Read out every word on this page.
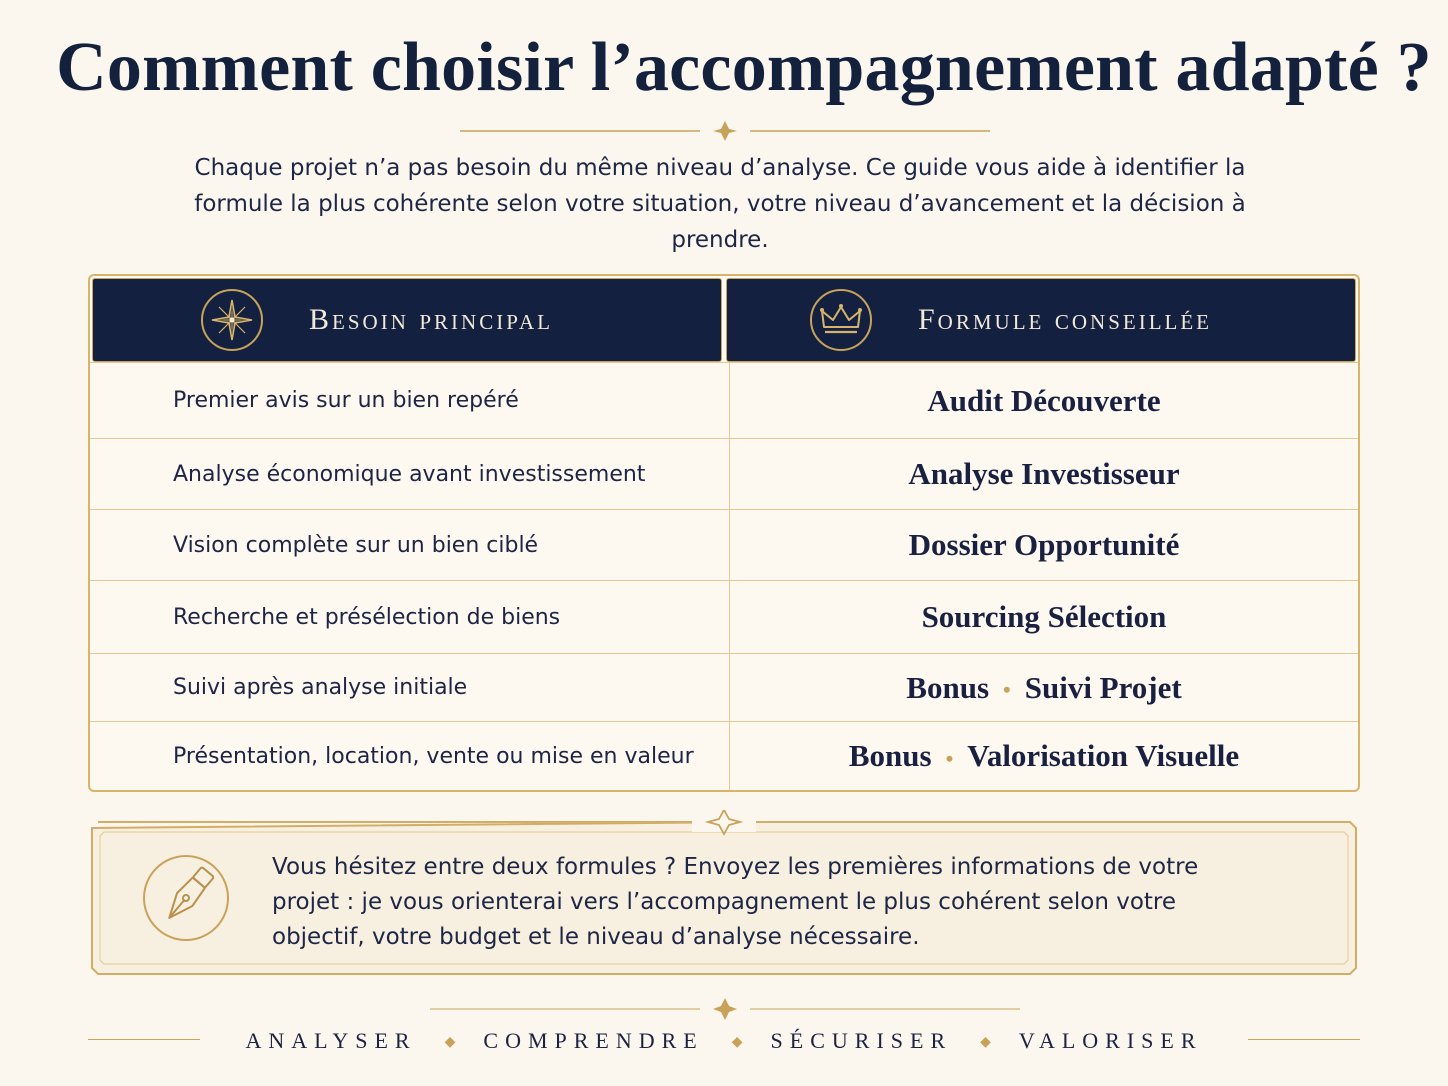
Comment choisir l’accompagnement adapté ?

Chaque projet n’a pas besoin du même niveau d’analyse. Ce guide vous aide à identifier la formule la plus cohérente selon votre situation, votre niveau d’avancement et la décision à prendre.

Besoin principal	Formule conseillée
Premier avis sur un bien repéré	Audit Découverte
Analyse économique avant investissement	Analyse Investisseur
Vision complète sur un bien ciblé	Dossier Opportunité
Recherche et présélection de biens	Sourcing Sélection
Suivi après analyse initiale	Bonus • Suivi Projet
Présentation, location, vente ou mise en valeur	Bonus • Valorisation Visuelle

Vous hésitez entre deux formules ? Envoyez les premières informations de votre projet : je vous orienterai vers l’accompagnement le plus cohérent selon votre objectif, votre budget et le niveau d’analyse nécessaire.

ANALYSER ◆ COMPRENDRE ◆ SÉCURISER ◆ VALORISER
